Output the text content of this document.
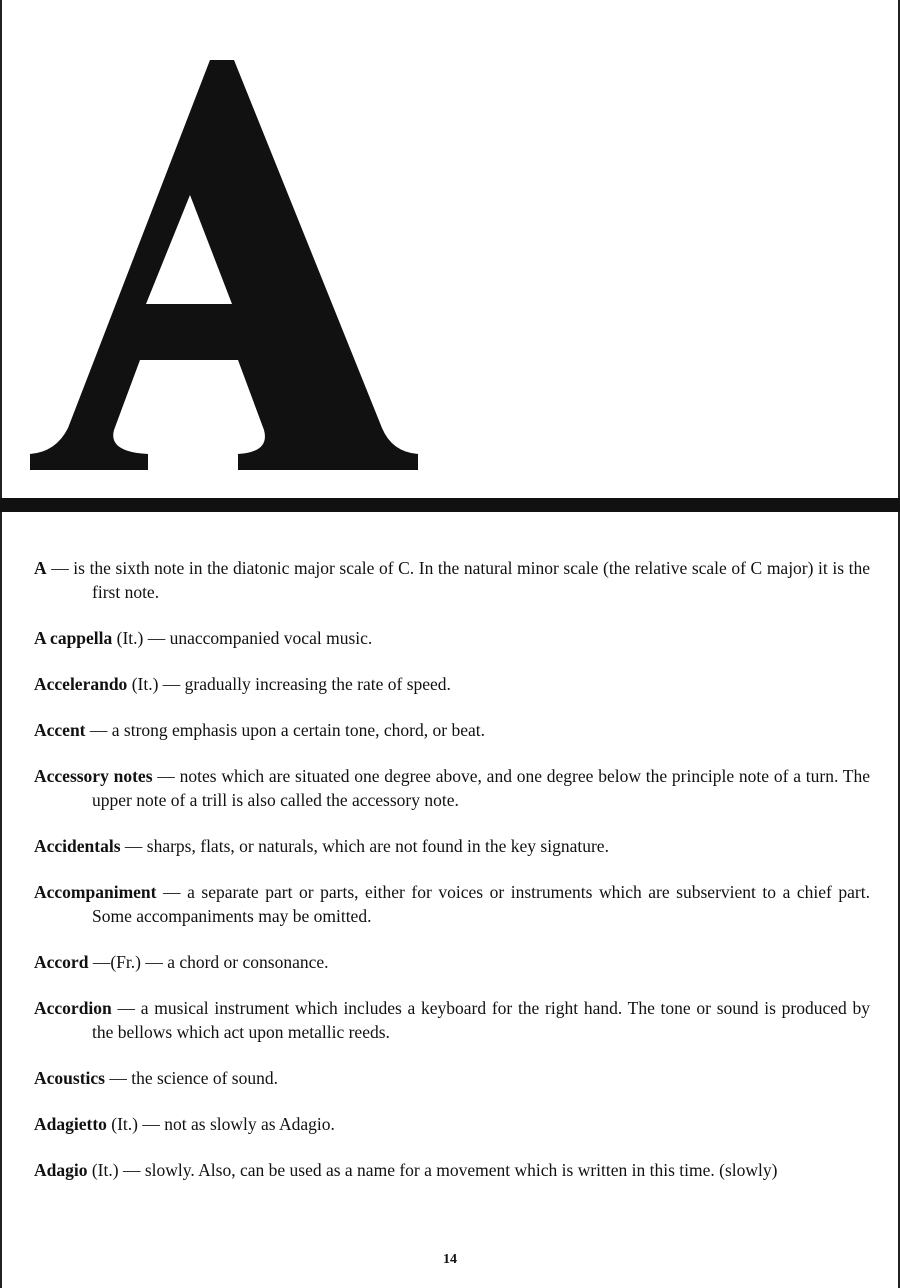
A — is the sixth note in the diatonic major scale of C. In the natural minor scale (the relative scale of C major) it is the first note.

A cappella (It.) — unaccompanied vocal music.

Accelerando (It.) — gradually increasing the rate of speed.

Accent — a strong emphasis upon a certain tone, chord, or beat.

Accessory notes — notes which are situated one degree above, and one degree below the principle note of a turn. The upper note of a trill is also called the accessory note.

Accidentals — sharps, flats, or naturals, which are not found in the key signature.

Accompaniment — a separate part or parts, either for voices or instruments which are subservient to a chief part. Some accompaniments may be omitted.

Accord —(Fr.) — a chord or consonance.

Accordion — a musical instrument which includes a keyboard for the right hand. The tone or sound is produced by the bellows which act upon metallic reeds.

Acoustics — the science of sound.

Adagietto (It.) — not as slowly as Adagio.

Adagio (It.) — slowly. Also, can be used as a name for a movement which is written in this time. (slowly)

14
